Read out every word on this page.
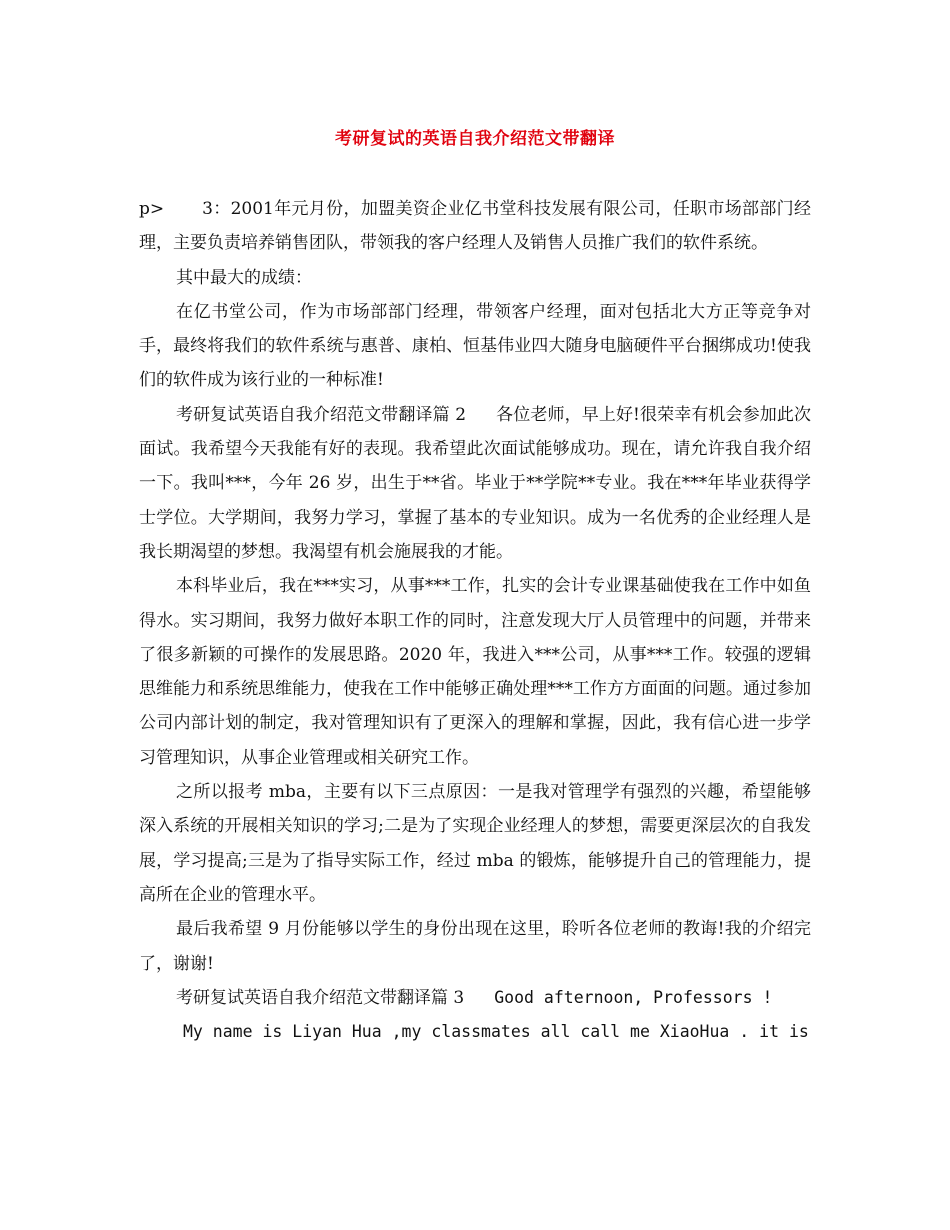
考研复试的英语自我介绍范文带翻译

p> 3：2001年元月份，加盟美资企业亿书堂科技发展有限公司，任职市场部部门经理，主要负责培养销售团队，带领我的客户经理人及销售人员推广我们的软件系统。

其中最大的成绩：

在亿书堂公司，作为市场部部门经理，带领客户经理，面对包括北大方正等竞争对手，最终将我们的软件系统与惠普、康柏、恒基伟业四大随身电脑硬件平台捆绑成功!使我们的软件成为该行业的一种标准!

考研复试英语自我介绍范文带翻译篇 2 各位老师，早上好!很荣幸有机会参加此次面试。我希望今天我能有好的表现。我希望此次面试能够成功。现在，请允许我自我介绍一下。我叫***，今年 26 岁，出生于**省。毕业于**学院**专业。我在***年毕业获得学士学位。大学期间，我努力学习，掌握了基本的专业知识。成为一名优秀的企业经理人是我长期渴望的梦想。我渴望有机会施展我的才能。

本科毕业后，我在***实习，从事***工作，扎实的会计专业课基础使我在工作中如鱼得水。实习期间，我努力做好本职工作的同时，注意发现大厅人员管理中的问题，并带来了很多新颖的可操作的发展思路。2020 年，我进入***公司，从事***工作。较强的逻辑思维能力和系统思维能力，使我在工作中能够正确处理***工作方方面面的问题。通过参加公司内部计划的制定，我对管理知识有了更深入的理解和掌握，因此，我有信心进一步学习管理知识，从事企业管理或相关研究工作。

之所以报考 mba，主要有以下三点原因：一是我对管理学有强烈的兴趣，希望能够深入系统的开展相关知识的学习;二是为了实现企业经理人的梦想，需要更深层次的自我发展，学习提高;三是为了指导实际工作，经过 mba 的锻炼，能够提升自己的管理能力，提高所在企业的管理水平。

最后我希望 9 月份能够以学生的身份出现在这里，聆听各位老师的教诲!我的介绍完了，谢谢!

考研复试英语自我介绍范文带翻译篇 3 Good afternoon, Professors !

My name is Liyan Hua ,my classmates all call me XiaoHua . it is
